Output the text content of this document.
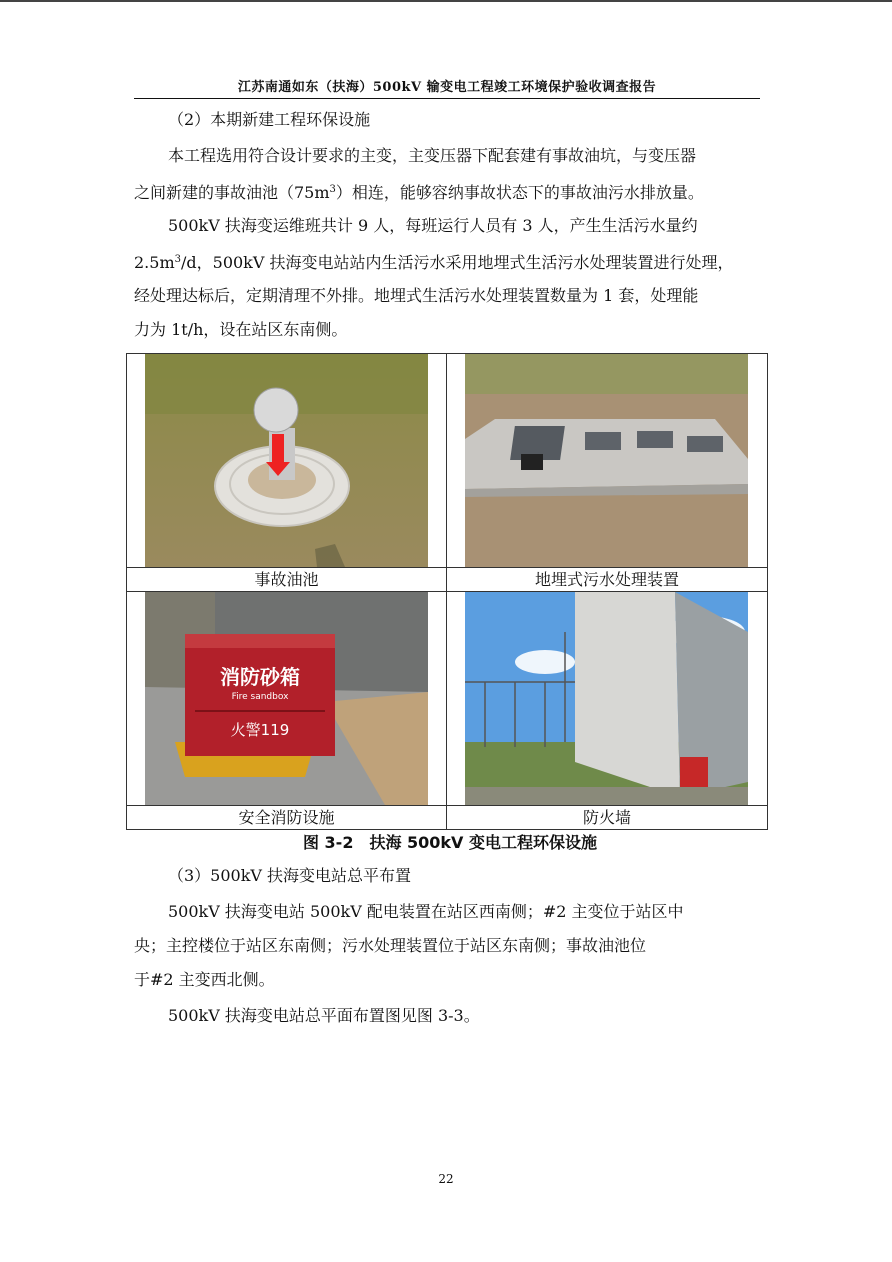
江苏南通如东（扶海）500kV 输变电工程竣工环境保护验收调查报告
（2）本期新建工程环保设施
本工程选用符合设计要求的主变，主变压器下配套建有事故油坑，与变压器
之间新建的事故油池$(75m^3)$相连，能够容纳事故状态下的事故油污水排放量。
500kV 扶海变运维班共计 9 人，每班运行人员有 3 人，产生生活污水量约
$2.5m^3/d$，500kV 扶海变电站站内生活污水采用地埋式生活污水处理装置进行处理，
经处理达标后，定期清理不外排。地埋式生活污水处理装置数量为 1 套，处理能
力为 1t/h，设在站区东南侧。

事故油池	地埋式污水处理装置

消防砂箱
Fire sandbox
火警119

安全消防设施	防火墙
图 3-2　扶海 500kV 变电工程环保设施
（3）500kV 扶海变电站总平布置
500kV 扶海变电站 500kV 配电装置在站区西南侧；#2 主变位于站区中
央；主控楼位于站区东南侧；污水处理装置位于站区东南侧；事故油池位
于#2 主变西北侧。
500kV 扶海变电站总平面布置图见图 3-3。
22
